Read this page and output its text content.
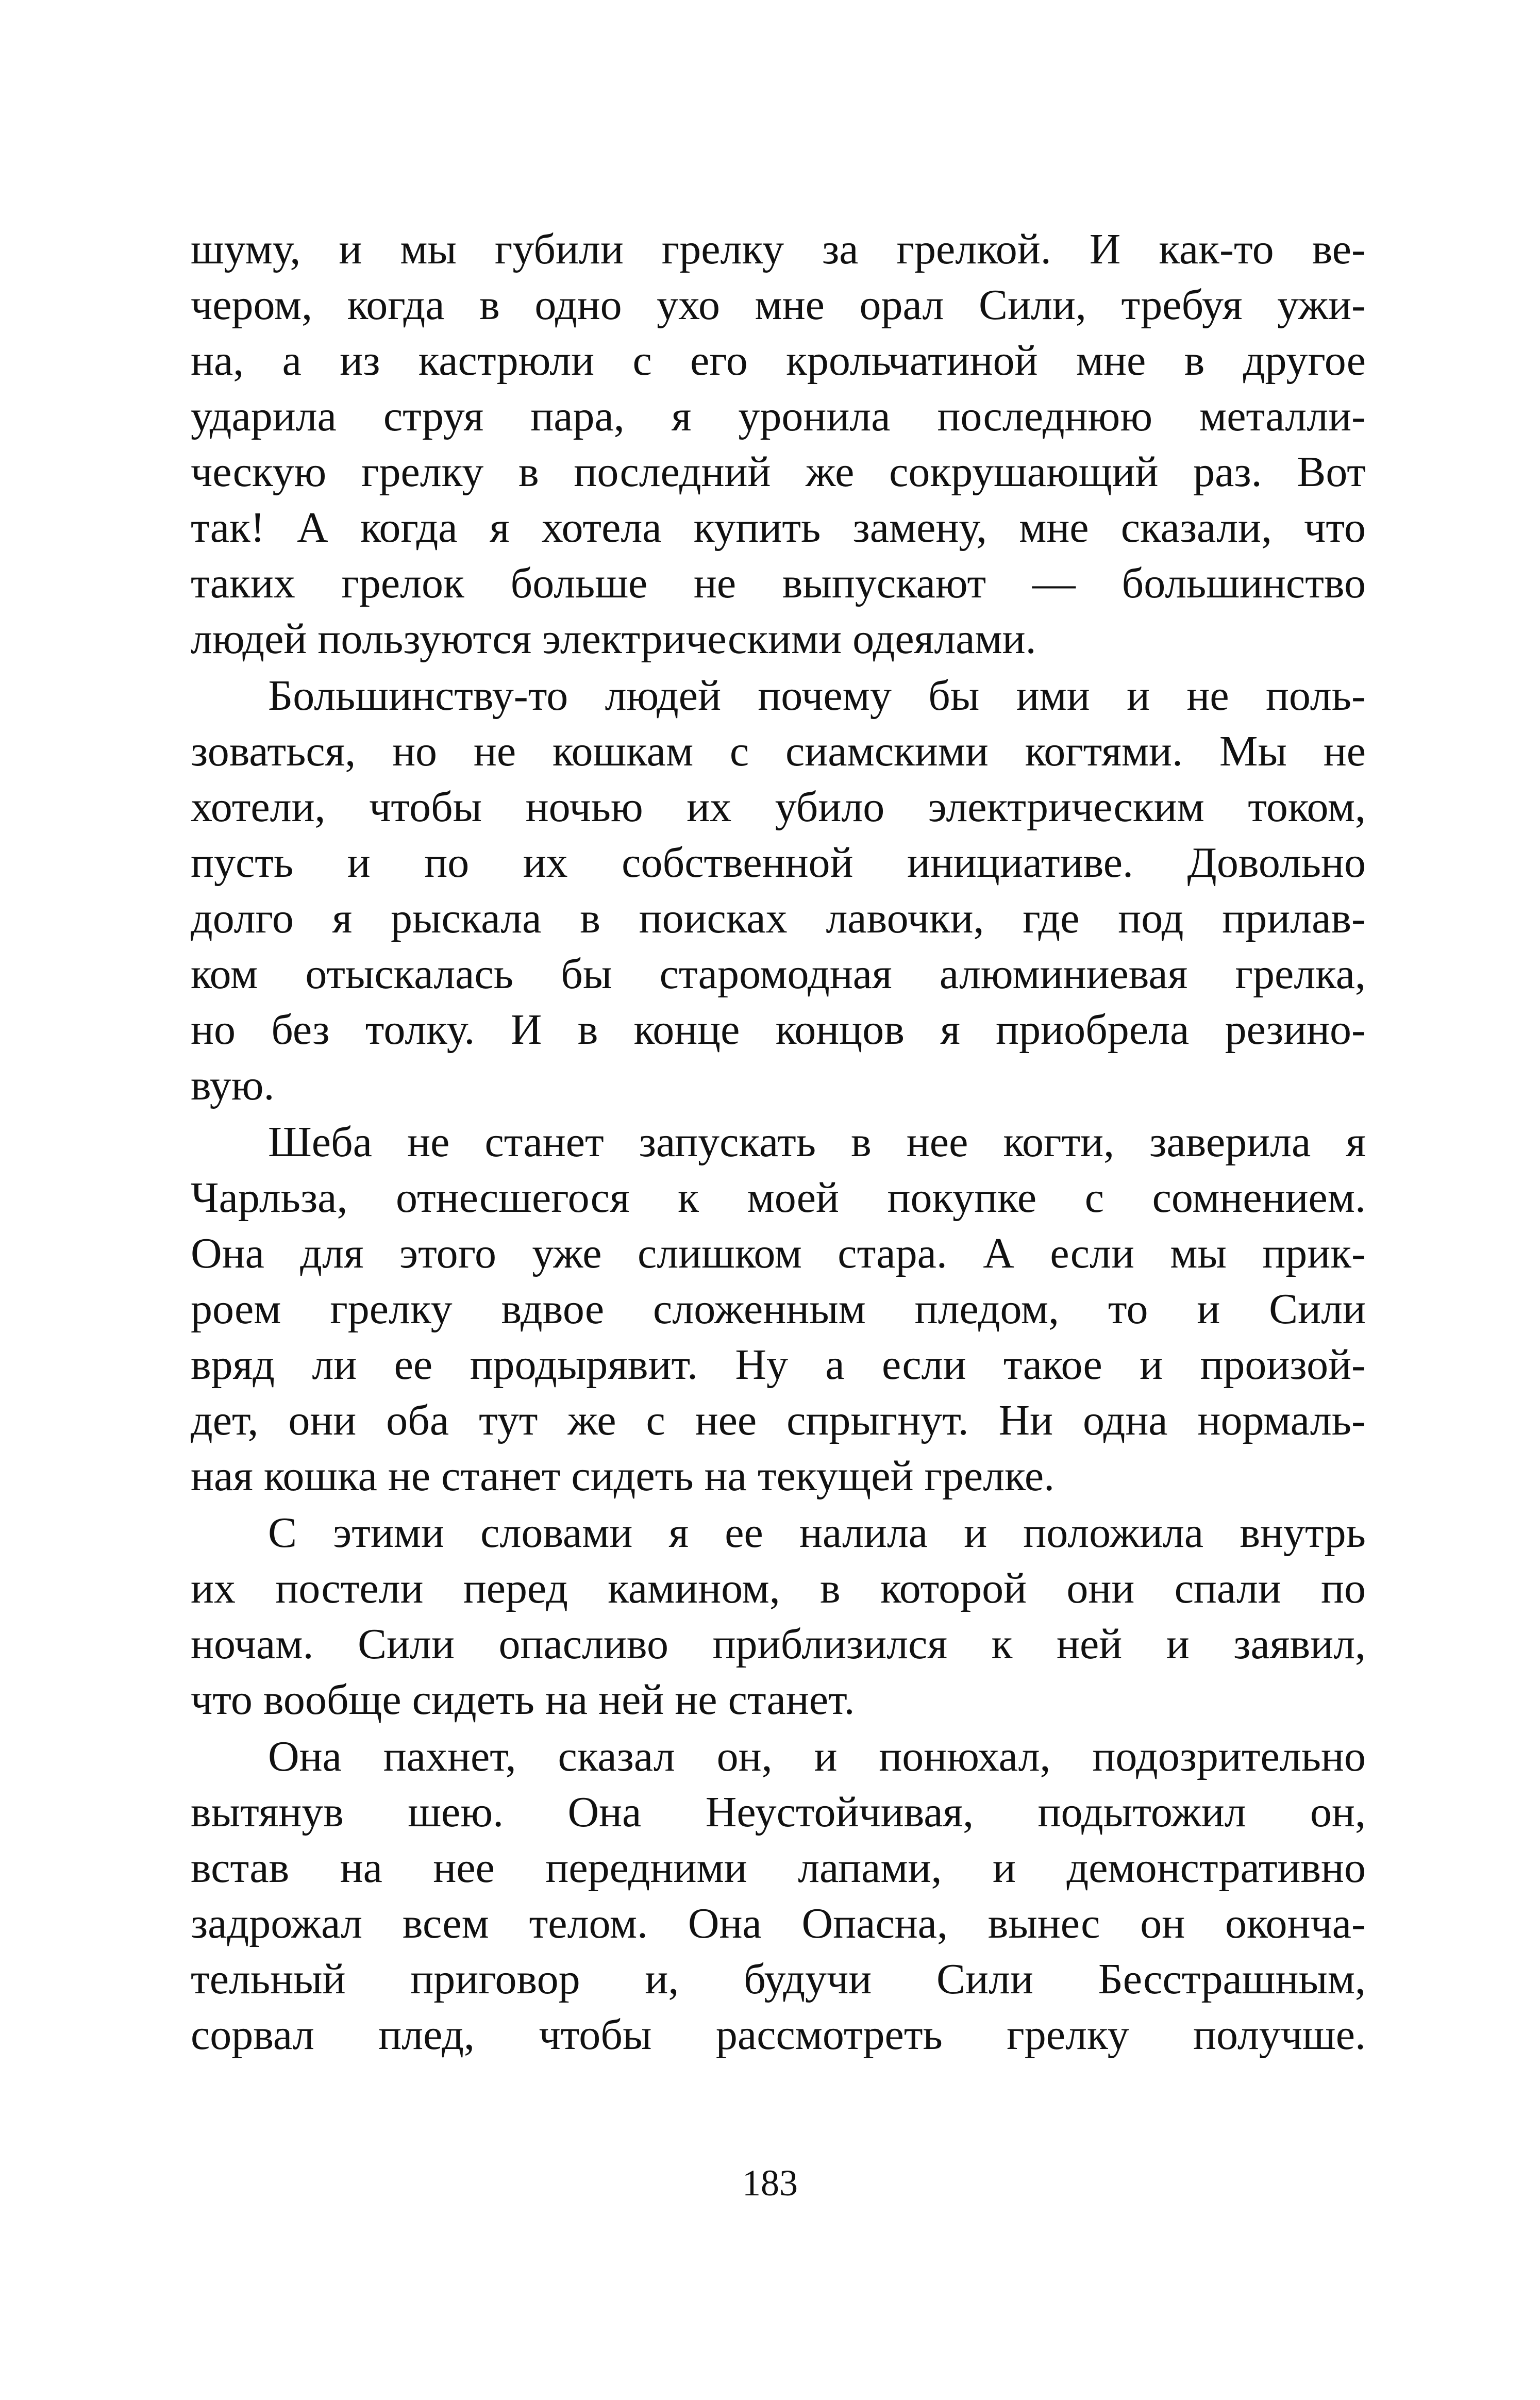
шуму, и мы губили грелку за грелкой. И как-то ве-
чером, когда в одно ухо мне орал Сили, требуя ужи-
на, а из кастрюли с его крольчатиной мне в другое
ударила струя пара, я уронила последнюю металли-
ческую грелку в последний же сокрушающий раз. Вот
так! А когда я хотела купить замену, мне сказали, что
таких грелок больше не выпускают — большинство
людей пользуются электрическими одеялами.
Большинству-то людей почему бы ими и не поль-
зоваться, но не кошкам с сиамскими когтями. Мы не
хотели, чтобы ночью их убило электрическим током,
пусть и по их собственной инициативе. Довольно
долго я рыскала в поисках лавочки, где под прилав-
ком отыскалась бы старомодная алюминиевая грелка,
но без толку. И в конце концов я приобрела резино-
вую.
Шеба не станет запускать в нее когти, заверила я
Чарльза, отнесшегося к моей покупке с сомнением.
Она для этого уже слишком стара. А если мы прик-
роем грелку вдвое сложенным пледом, то и Сили
вряд ли ее продырявит. Ну а если такое и произой-
дет, они оба тут же с нее спрыгнут. Ни одна нормаль-
ная кошка не станет сидеть на текущей грелке.
С этими словами я ее налила и положила внутрь
их постели перед камином, в которой они спали по
ночам. Сили опасливо приблизился к ней и заявил,
что вообще сидеть на ней не станет.
Она пахнет, сказал он, и понюхал, подозрительно
вытянув шею. Она Неустойчивая, подытожил он,
встав на нее передними лапами, и демонстративно
задрожал всем телом. Она Опасна, вынес он оконча-
тельный приговор и, будучи Сили Бесстрашным,
сорвал плед, чтобы рассмотреть грелку получше.
183
